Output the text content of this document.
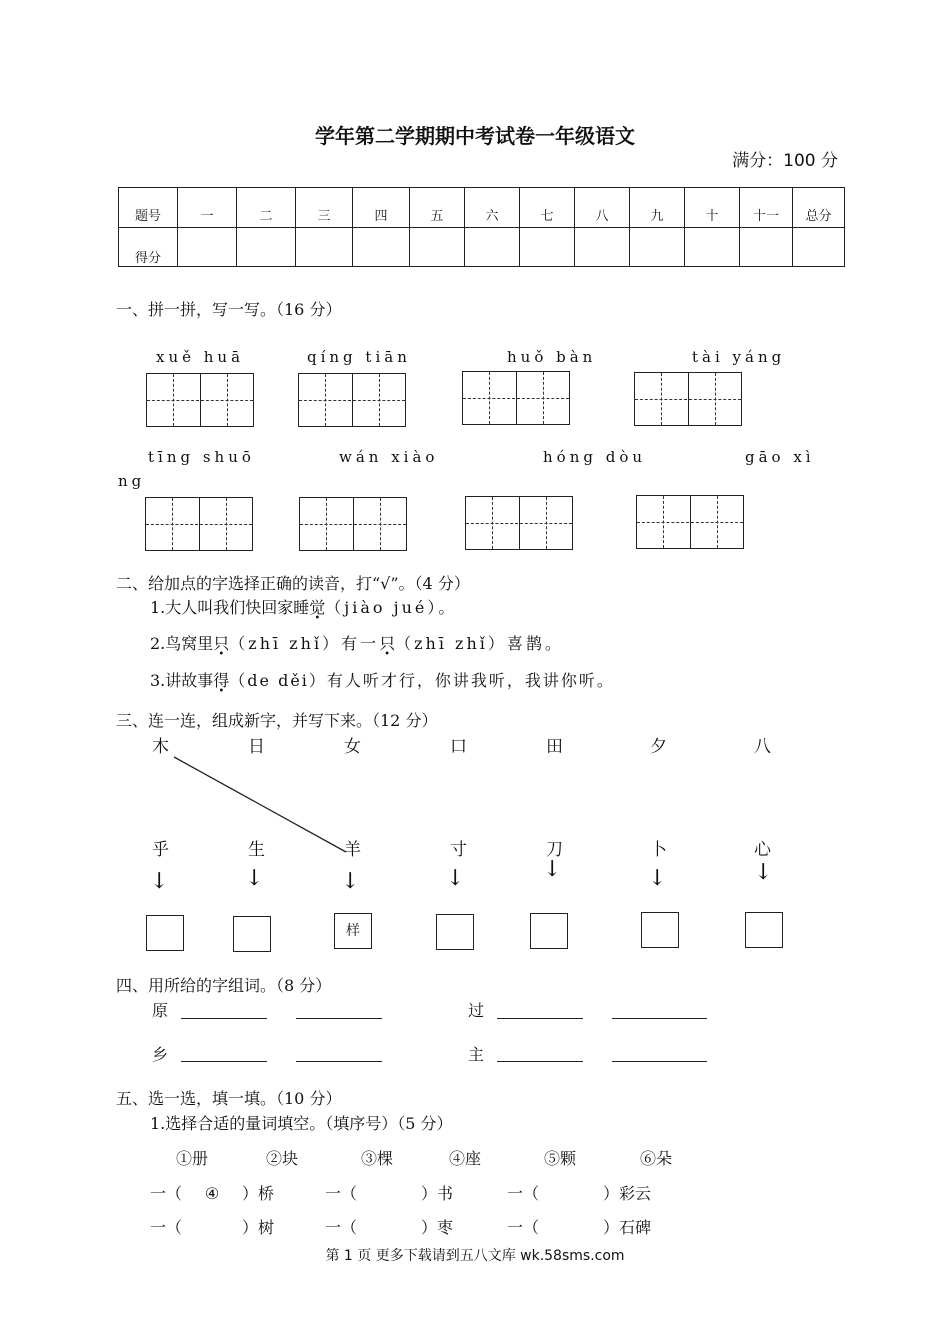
学年第二学期期中考试卷一年级语文
满分：100 分
题号	一	二	三	四	五	六	七	八	九	十	十一	总分
得分												
一、拼一拼，写一写。（16 分）
xuě huā	qíng tiān	huǒ bàn	tài yáng
tīng shuō	wán xiào	hóng dòu	gāo xì
ng
二、给加点的字选择正确的读音，打“√”。（4 分）
1.大人叫我们快回家睡觉（jiào jué）。
2.鸟窝里只（zhī zhǐ）有一只（zhī zhǐ）喜鹊。
3.讲故事得（de děi）有人听才行，你讲我听，我讲你听。
三、连一连，组成新字，并写下来。（12 分）
木	日	女	口	田	夕	八
乎	生	羊	寸	刀	卜	心
↓	↓	↓	↓	↓	↓	↓
样
四、用所给的字组词。（8 分）
原	过
乡	主
五、选一选，填一填。（10 分）
1.选择合适的量词填空。（填序号）（5 分）
①册	②块	③棵	④座	⑤颗	⑥朵
一（ ④ ）桥	一（	）书	一（	）彩云
一（	）树	一（	）枣	一（	）石碑
第 1 页 更多下载请到五八文库 wk.58sms.com
